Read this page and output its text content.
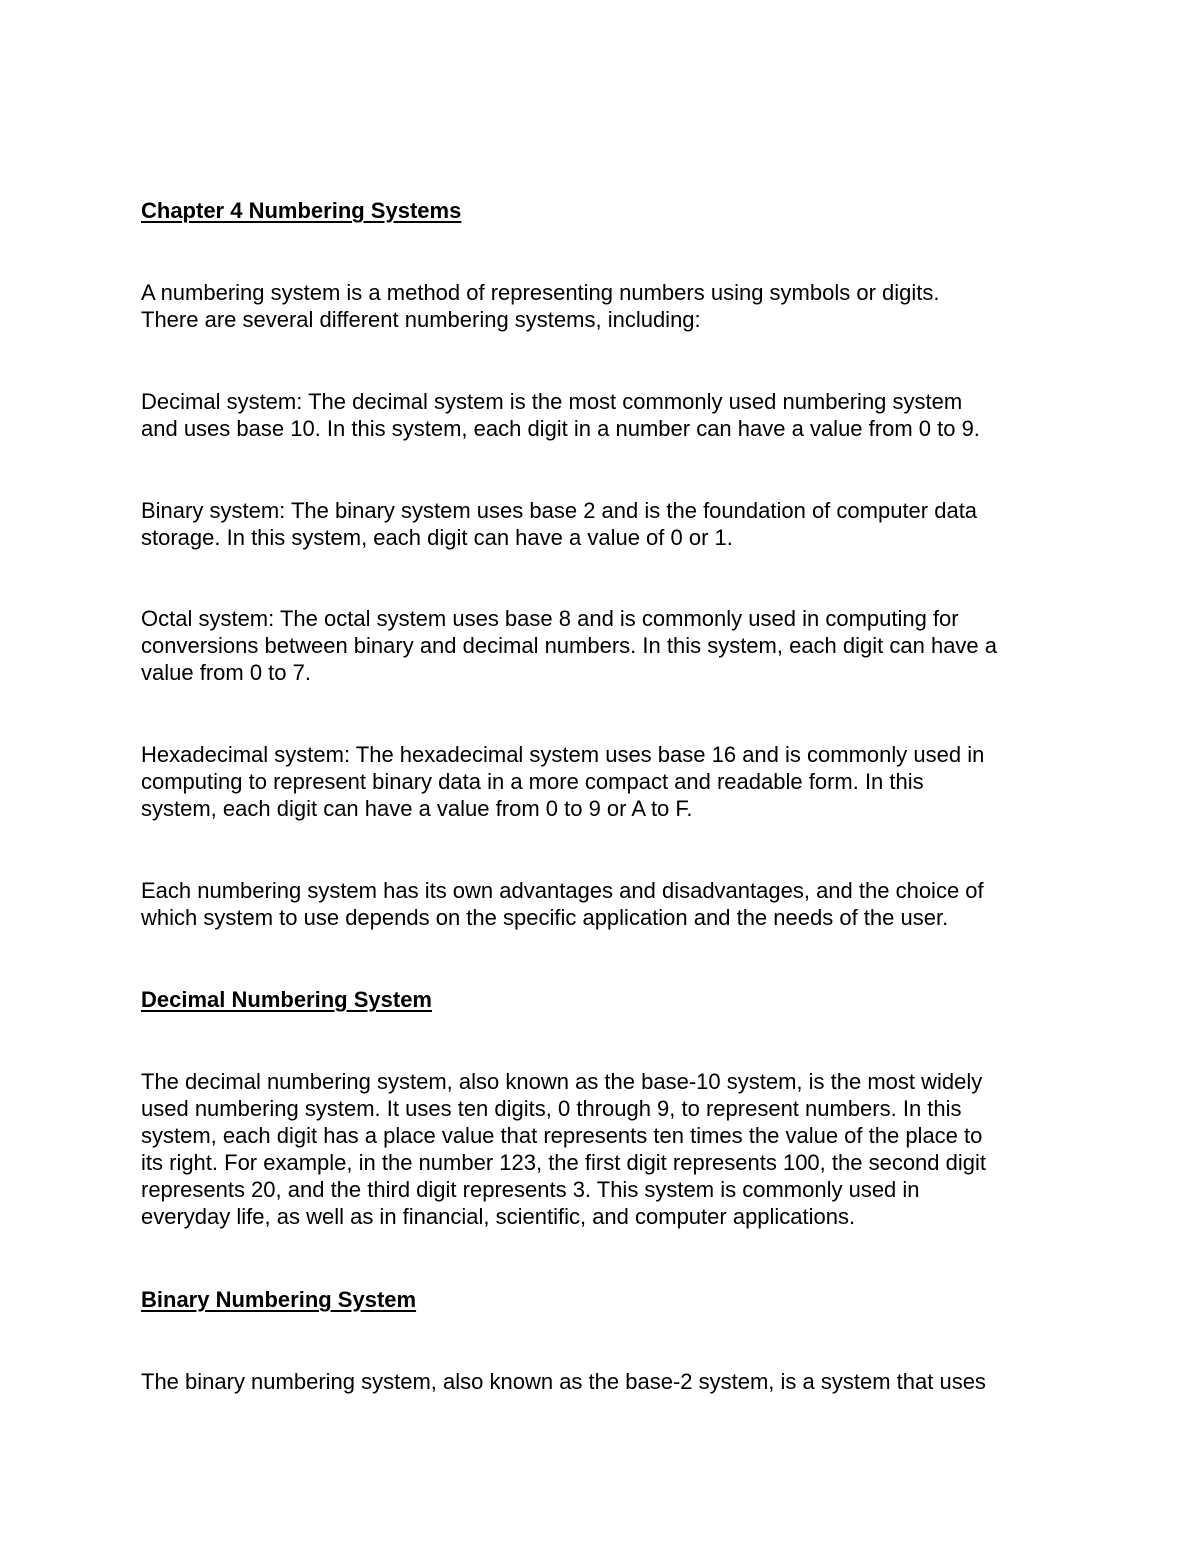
Chapter 4 Numbering Systems

A numbering system is a method of representing numbers using symbols or digits.
There are several different numbering systems, including:

Decimal system: The decimal system is the most commonly used numbering system
and uses base 10. In this system, each digit in a number can have a value from 0 to 9.

Binary system: The binary system uses base 2 and is the foundation of computer data
storage. In this system, each digit can have a value of 0 or 1.

Octal system: The octal system uses base 8 and is commonly used in computing for
conversions between binary and decimal numbers. In this system, each digit can have a
value from 0 to 7.

Hexadecimal system: The hexadecimal system uses base 16 and is commonly used in
computing to represent binary data in a more compact and readable form. In this
system, each digit can have a value from 0 to 9 or A to F.

Each numbering system has its own advantages and disadvantages, and the choice of
which system to use depends on the specific application and the needs of the user.

Decimal Numbering System

The decimal numbering system, also known as the base-10 system, is the most widely
used numbering system. It uses ten digits, 0 through 9, to represent numbers. In this
system, each digit has a place value that represents ten times the value of the place to
its right. For example, in the number 123, the first digit represents 100, the second digit
represents 20, and the third digit represents 3. This system is commonly used in
everyday life, as well as in financial, scientific, and computer applications.

Binary Numbering System

The binary numbering system, also known as the base-2 system, is a system that uses
